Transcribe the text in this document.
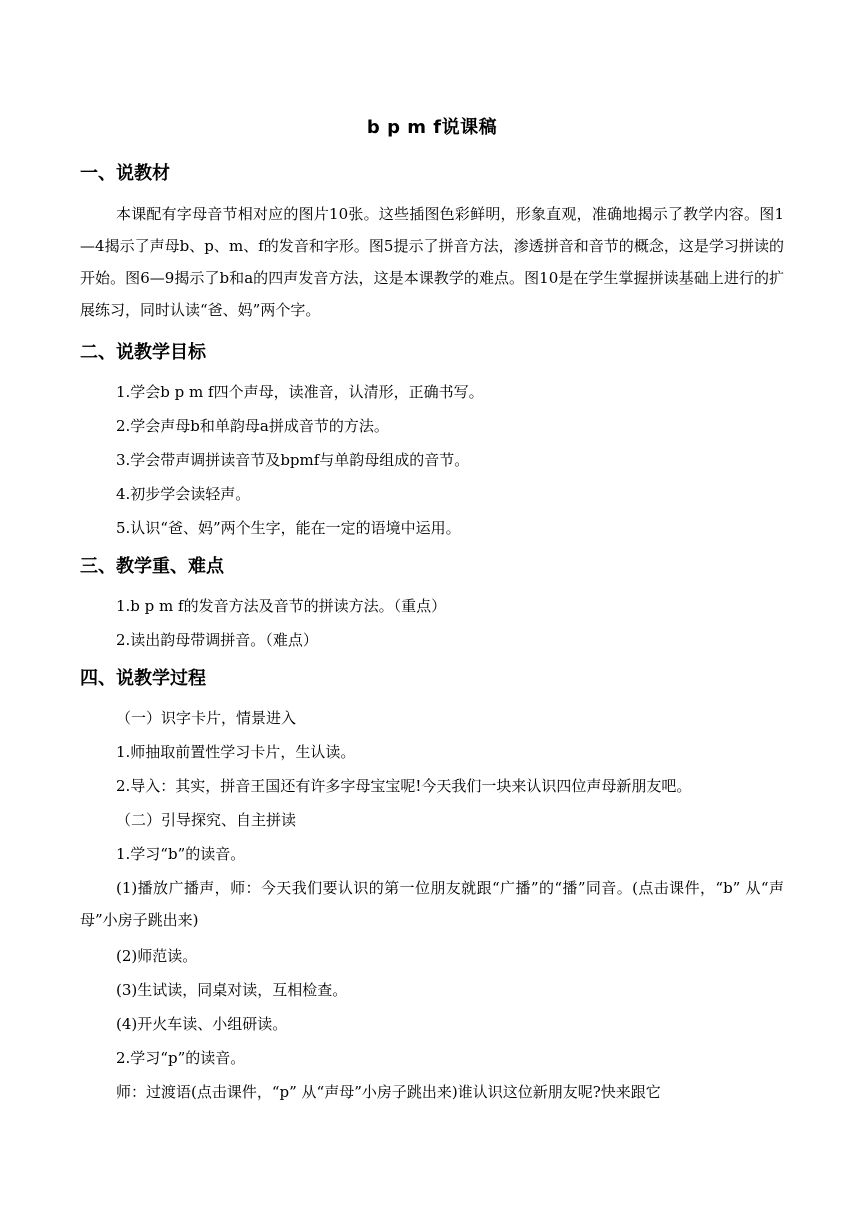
b p m f说课稿
一、说教材
本课配有字母音节相对应的图片10张。这些插图色彩鲜明，形象直观，准确地揭示了教学内容。图1—4揭示了声母b、p、m、f的发音和字形。图5提示了拼音方法，渗透拼音和音节的概念，这是学习拼读的开始。图6—9揭示了b和a的四声发音方法，这是本课教学的难点。图10是在学生掌握拼读基础上进行的扩展练习，同时认读“爸、妈”两个字。
二、说教学目标
1.学会b p m f四个声母，读准音，认清形，正确书写。
2.学会声母b和单韵母a拼成音节的方法。
3.学会带声调拼读音节及bpmf与单韵母组成的音节。
4.初步学会读轻声。
5.认识“爸、妈”两个生字，能在一定的语境中运用。
三、教学重、难点
1.b p m f的发音方法及音节的拼读方法。（重点）
2.读出韵母带调拼音。（难点）
四、说教学过程
（一）识字卡片，情景进入
1.师抽取前置性学习卡片，生认读。
2.导入：其实，拼音王国还有许多字母宝宝呢!今天我们一块来认识四位声母新朋友吧。
（二）引导探究、自主拼读
1.学习“b”的读音。
(1)播放广播声，师：今天我们要认识的第一位朋友就跟“广播”的“播”同音。(点击课件，“b” 从“声母”小房子跳出来)
(2)师范读。
(3)生试读，同桌对读，互相检查。
(4)开火车读、小组研读。
2.学习“p”的读音。
师：过渡语(点击课件，“p” 从“声母”小房子跳出来)谁认识这位新朋友呢?快来跟它
